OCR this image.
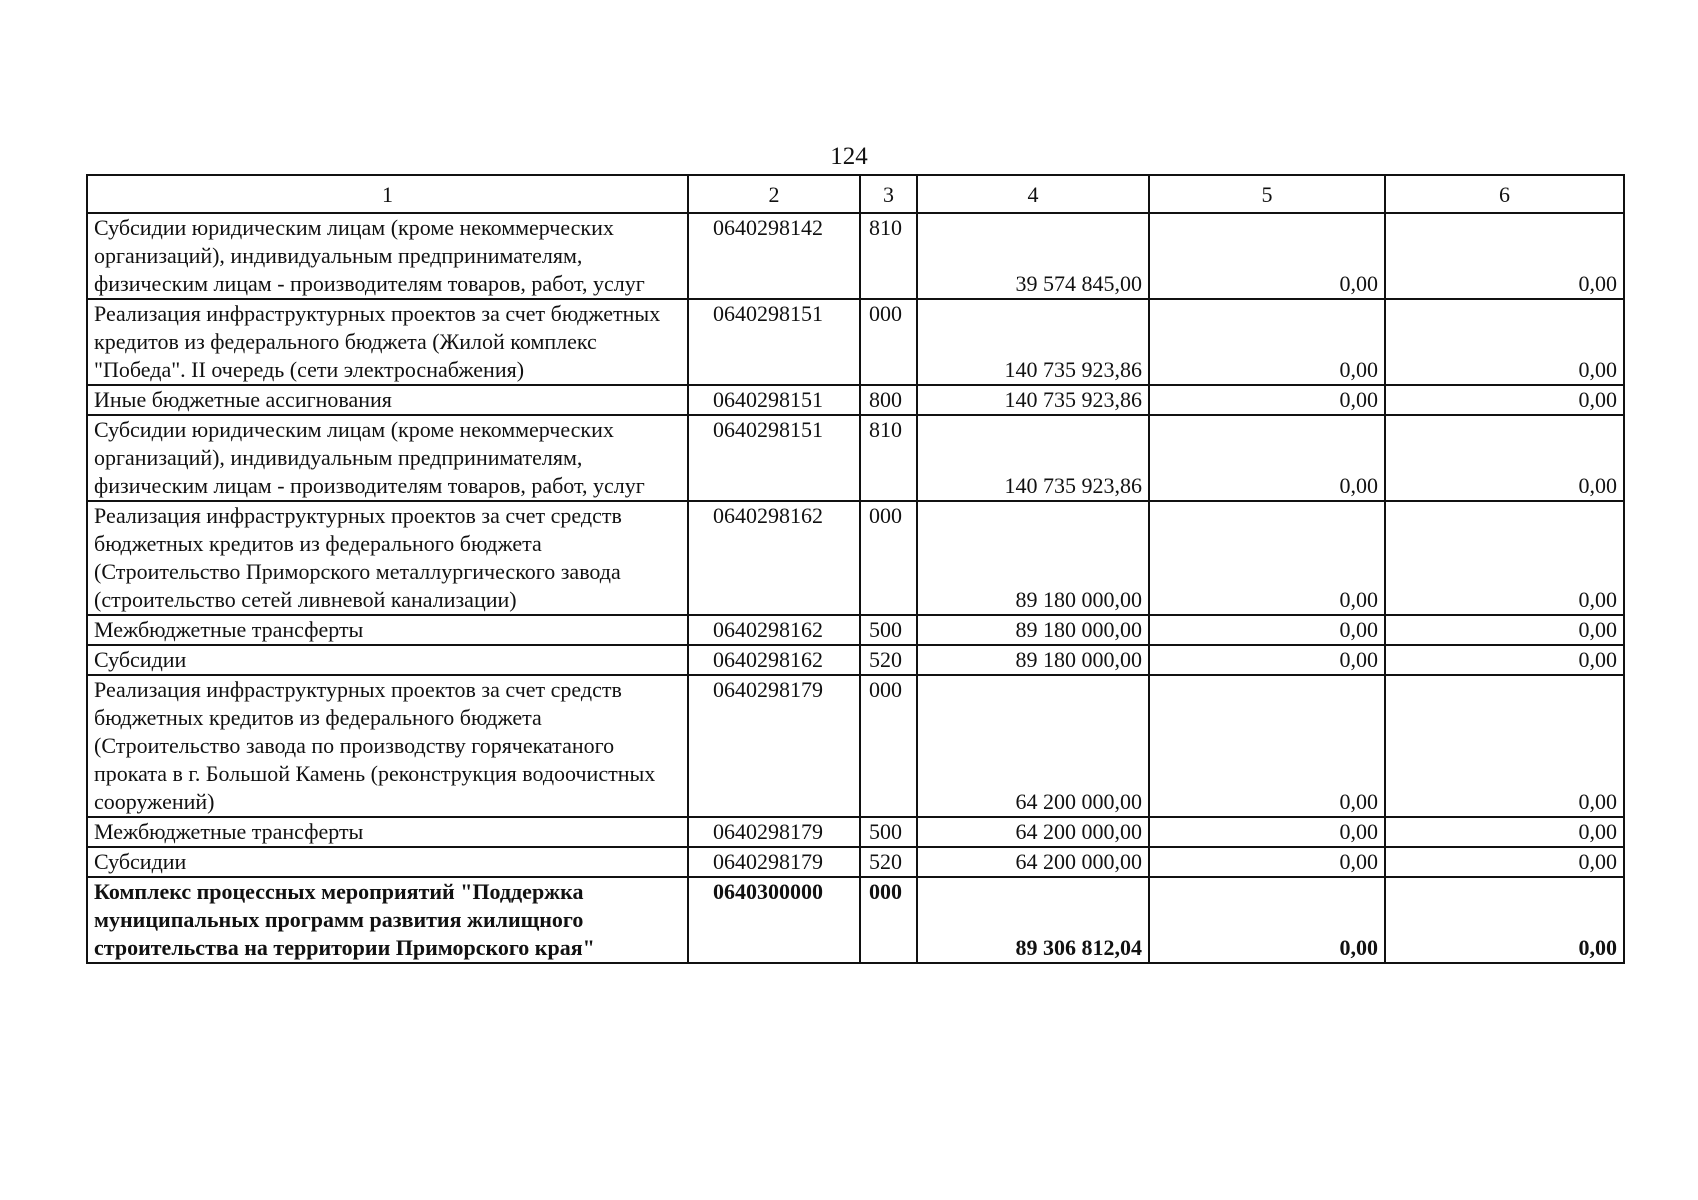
124
1	2	3	4	5	6
Субсидии юридическим лицам (кроме некоммерческих организаций), индивидуальным предпринимателям, физическим лицам - производителям товаров, работ, услуг	0640298142	810	39 574 845,00	0,00	0,00
Реализация инфраструктурных проектов за счет бюджетных кредитов из федерального бюджета (Жилой комплекс "Победа". II очередь (сети электроснабжения)	0640298151	000	140 735 923,86	0,00	0,00
Иные бюджетные ассигнования	0640298151	800	140 735 923,86	0,00	0,00
Субсидии юридическим лицам (кроме некоммерческих организаций), индивидуальным предпринимателям, физическим лицам - производителям товаров, работ, услуг	0640298151	810	140 735 923,86	0,00	0,00
Реализация инфраструктурных проектов за счет средств бюджетных кредитов из федерального бюджета (Строительство Приморского металлургического завода (строительство сетей ливневой канализации)	0640298162	000	89 180 000,00	0,00	0,00
Межбюджетные трансферты	0640298162	500	89 180 000,00	0,00	0,00
Субсидии	0640298162	520	89 180 000,00	0,00	0,00
Реализация инфраструктурных проектов за счет средств бюджетных кредитов из федерального бюджета (Строительство завода по производству горячекатаного проката в г. Большой Камень (реконструкция водоочистных сооружений)	0640298179	000	64 200 000,00	0,00	0,00
Межбюджетные трансферты	0640298179	500	64 200 000,00	0,00	0,00
Субсидии	0640298179	520	64 200 000,00	0,00	0,00
Комплекс процессных мероприятий "Поддержка муниципальных программ развития жилищного строительства на территории Приморского края"	0640300000	000	89 306 812,04	0,00	0,00
